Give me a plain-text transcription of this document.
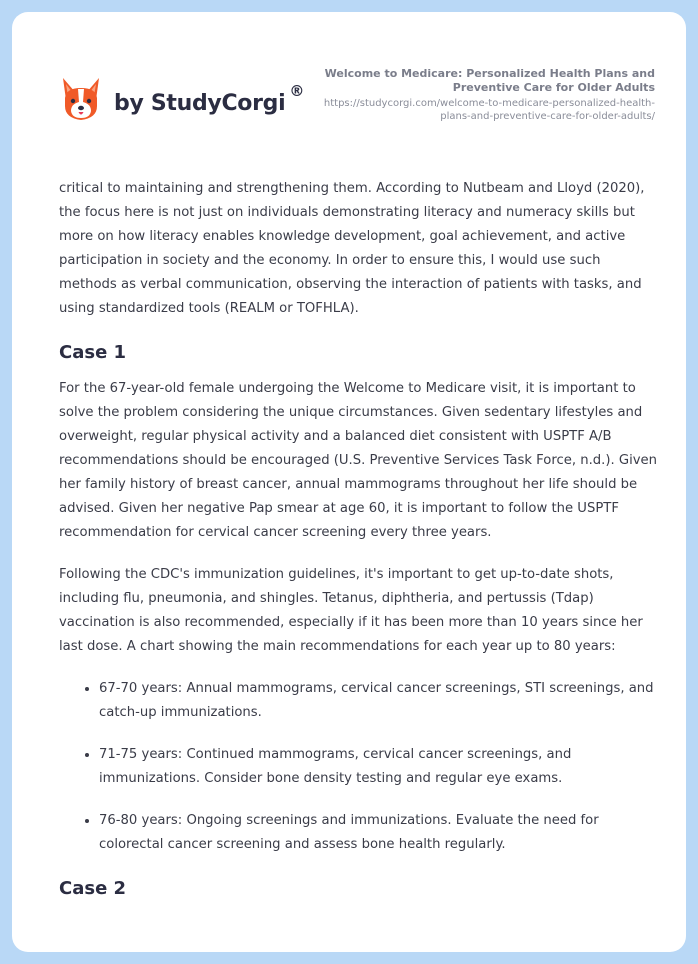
by StudyCorgi ®
Welcome to Medicare: Personalized Health Plans and Preventive Care for Older Adults
https://studycorgi.com/welcome-to-medicare-personalized-health-plans-and-preventive-care-for-older-adults/

critical to maintaining and strengthening them. According to Nutbeam and Lloyd (2020), the focus here is not just on individuals demonstrating literacy and numeracy skills but more on how literacy enables knowledge development, goal achievement, and active participation in society and the economy. In order to ensure this, I would use such methods as verbal communication, observing the interaction of patients with tasks, and using standardized tools (REALM or TOFHLA).

Case 1

For the 67-year-old female undergoing the Welcome to Medicare visit, it is important to solve the problem considering the unique circumstances. Given sedentary lifestyles and overweight, regular physical activity and a balanced diet consistent with USPTF A/B recommendations should be encouraged (U.S. Preventive Services Task Force, n.d.). Given her family history of breast cancer, annual mammograms throughout her life should be advised. Given her negative Pap smear at age 60, it is important to follow the USPTF recommendation for cervical cancer screening every three years.

Following the CDC's immunization guidelines, it's important to get up-to-date shots, including flu, pneumonia, and shingles. Tetanus, diphtheria, and pertussis (Tdap) vaccination is also recommended, especially if it has been more than 10 years since her last dose. A chart showing the main recommendations for each year up to 80 years:

• 67-70 years: Annual mammograms, cervical cancer screenings, STI screenings, and catch-up immunizations.
• 71-75 years: Continued mammograms, cervical cancer screenings, and immunizations. Consider bone density testing and regular eye exams.
• 76-80 years: Ongoing screenings and immunizations. Evaluate the need for colorectal cancer screening and assess bone health regularly.
Case 2
